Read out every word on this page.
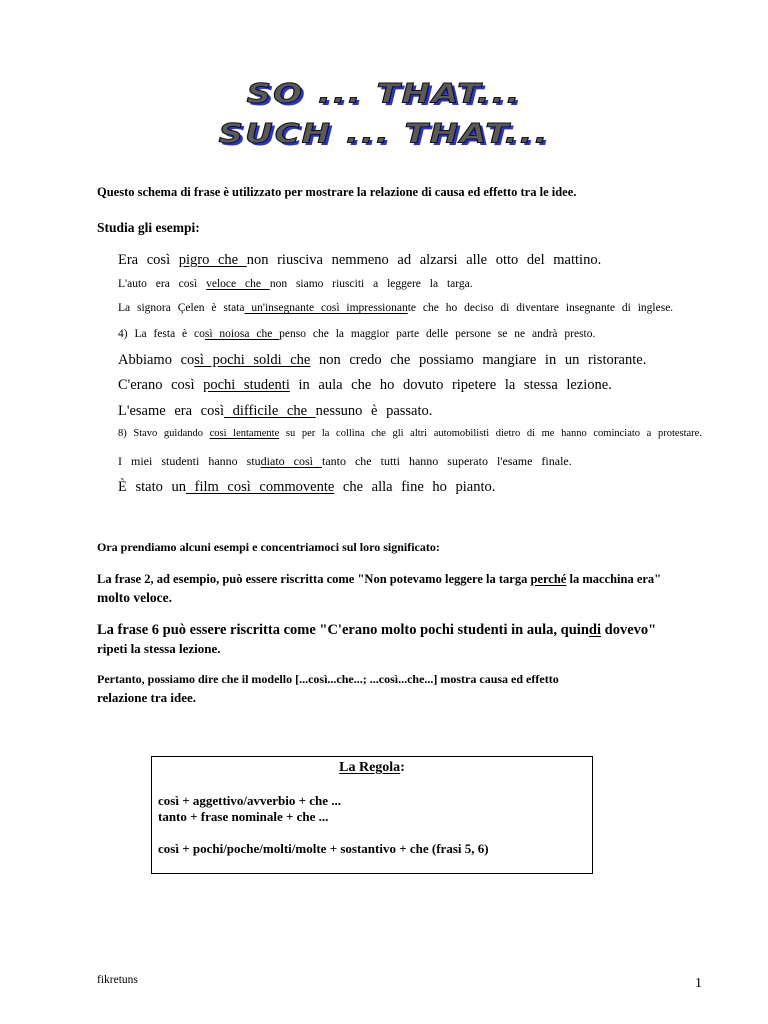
SO ... THAT...
SUCH ... THAT...
Questo schema di frase è utilizzato per mostrare la relazione di causa ed effetto tra le idee.
Studia gli esempi:
Era così pigro che non riusciva nemmeno ad alzarsi alle otto del mattino.
L'auto era così veloce che non siamo riusciti a leggere la targa.
La signora Çelen è stata un'insegnante così impressionante che ho deciso di diventare insegnante di inglese.
4) La festa è così noiosa che penso che la maggior parte delle persone se ne andrà presto.
Abbiamo così pochi soldi che non credo che possiamo mangiare in un ristorante.
C'erano così pochi studenti in aula che ho dovuto ripetere la stessa lezione.
L'esame era così difficile che nessuno è passato.
8) Stavo guidando così lentamente su per la collina che gli altri automobilisti dietro di me hanno cominciato a protestare.
I miei studenti hanno studiato così tanto che tutti hanno superato l'esame finale.
È stato un film così commovente che alla fine ho pianto.
Ora prendiamo alcuni esempi e concentriamoci sul loro significato:
La frase 2, ad esempio, può essere riscritta come "Non potevamo leggere la targa perché la macchina era"
molto veloce.
La frase 6 può essere riscritta come "C'erano molto pochi studenti in aula, quindi dovevo"
ripeti la stessa lezione.
Pertanto, possiamo dire che il modello [...così...che...; ...così...che...] mostra causa ed effetto
relazione tra idee.
La Regola:
così + aggettivo/avverbio + che ...
tanto + frase nominale + che ...
così + pochi/poche/molti/molte + sostantivo + che (frasi 5, 6)
fikretuns	1
